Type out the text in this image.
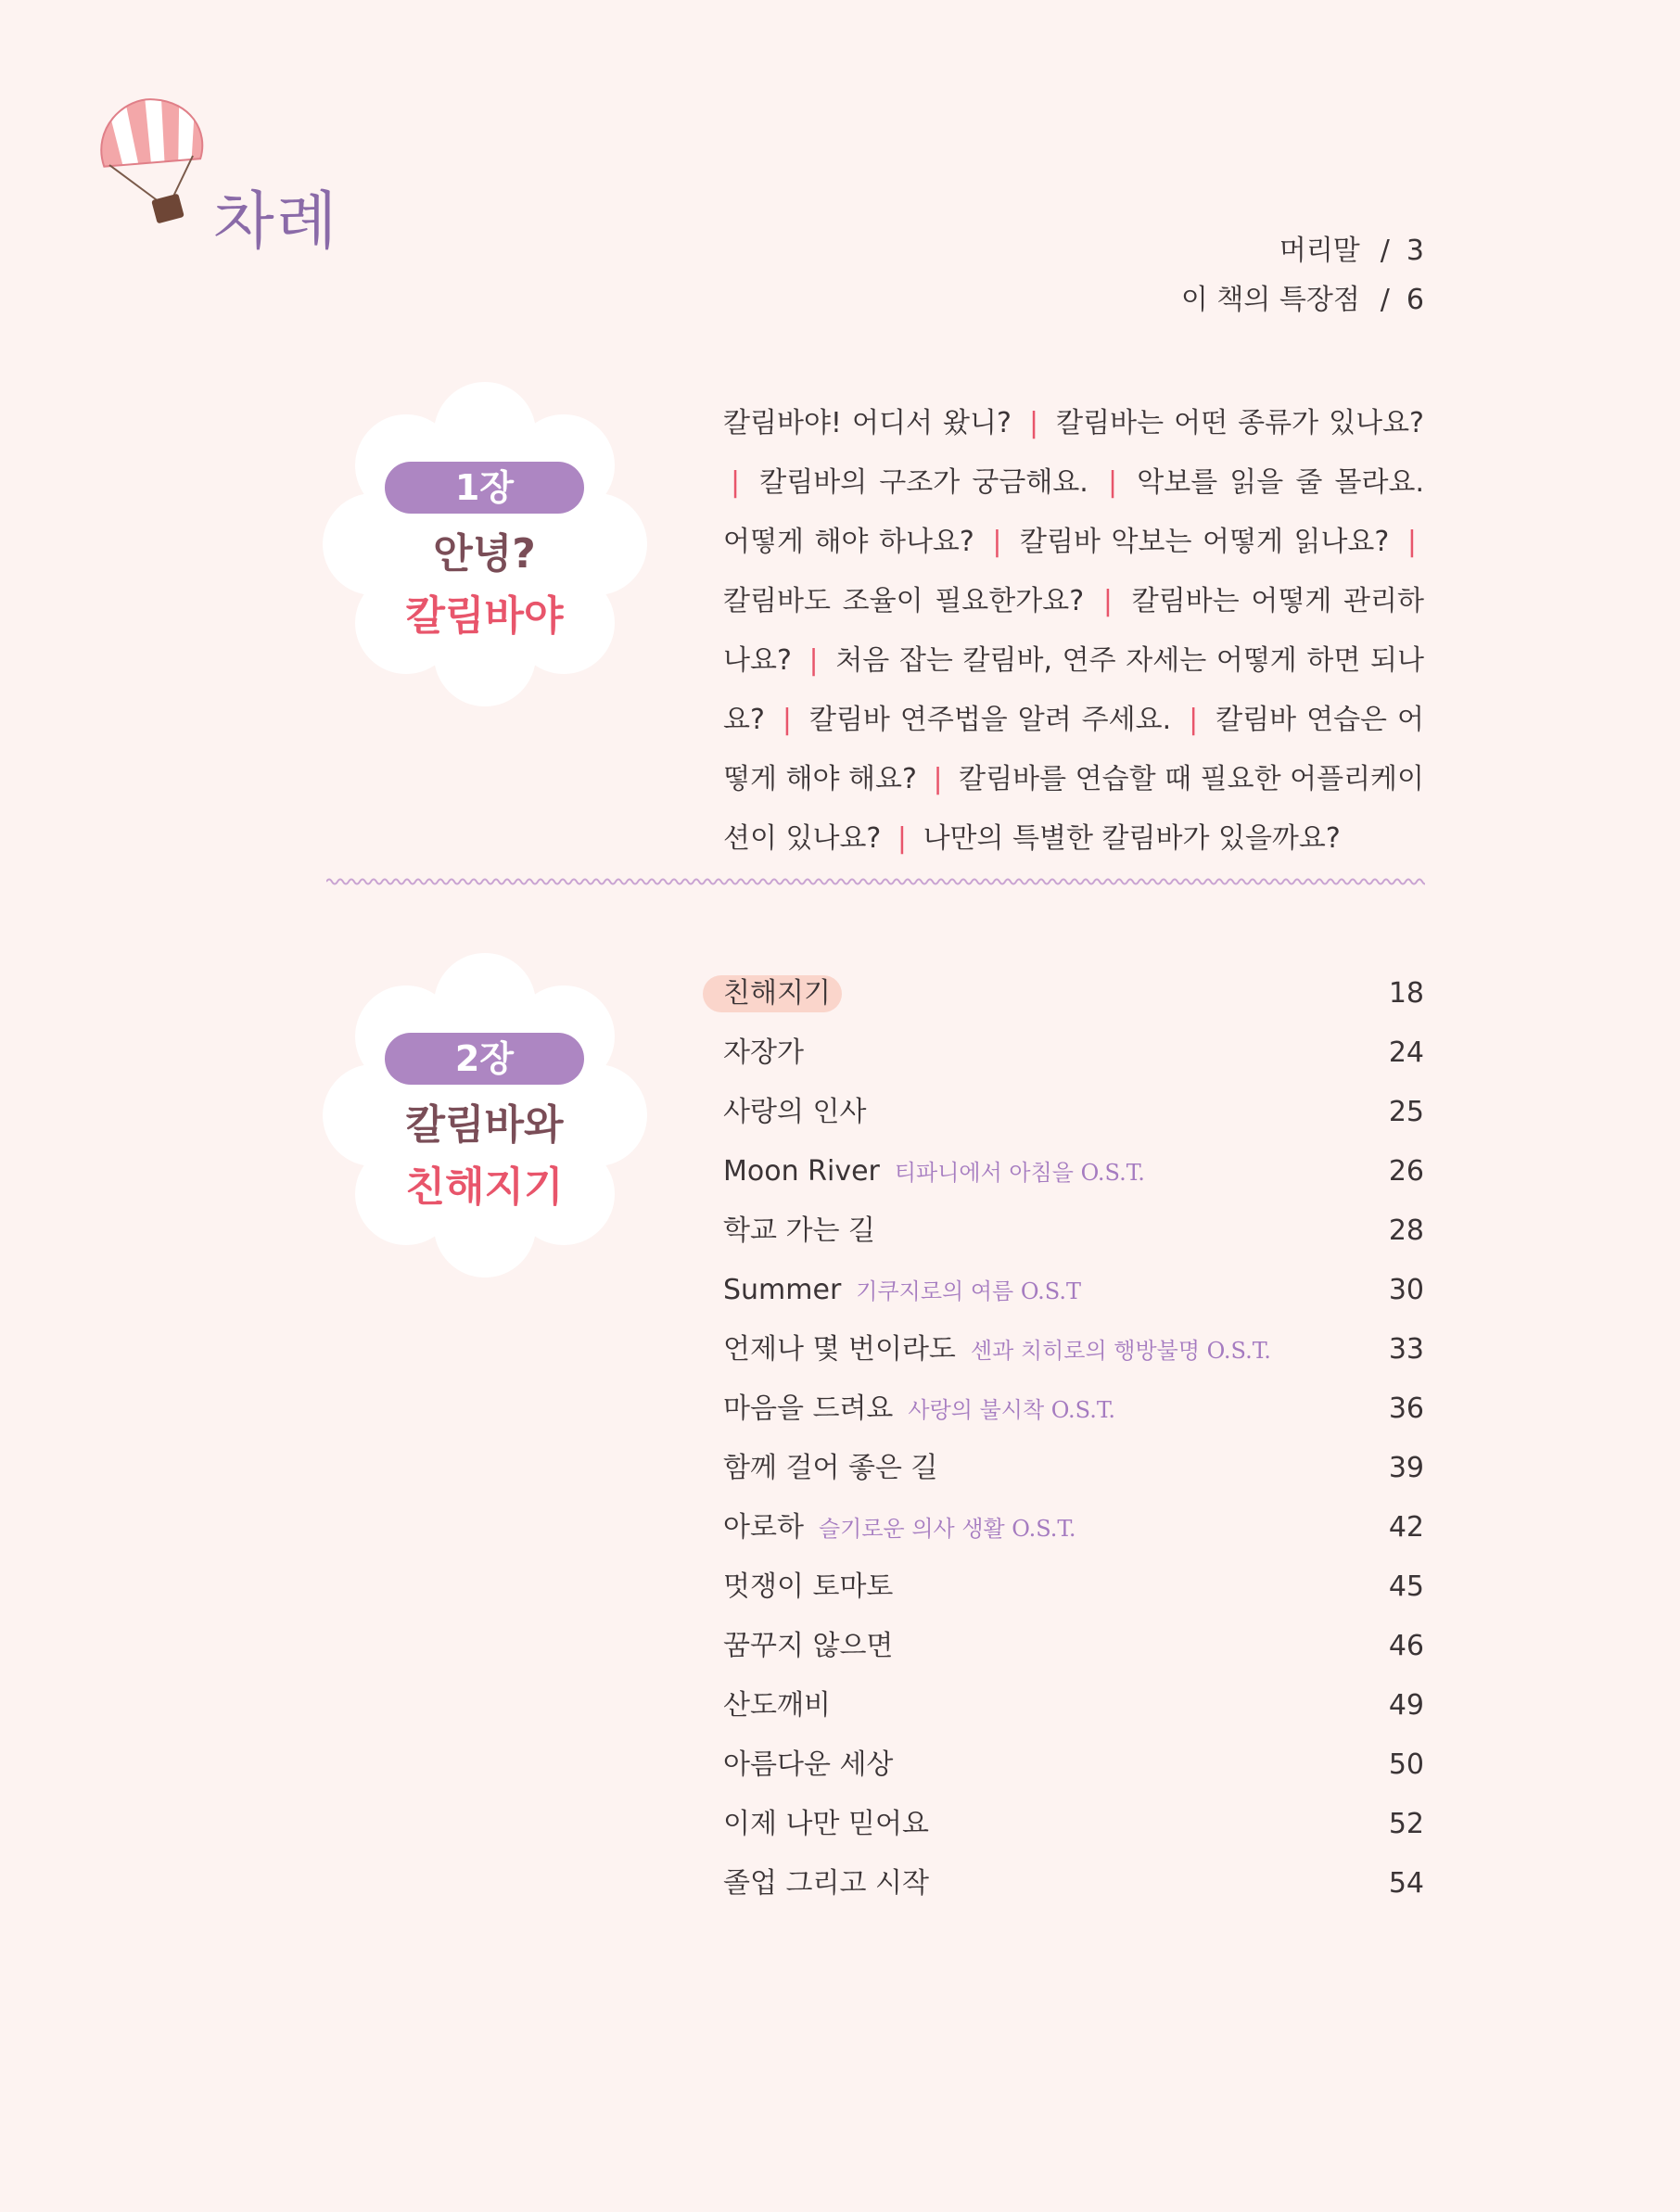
차례	머리말 / 3
이 책의 특장점 / 6
1장
안녕?
칼림바야
칼림바야! 어디서 왔니? | 칼림바는 어떤 종류가 있나요? | 칼림바의 구조가 궁금해요. | 악보를 읽을 줄 몰라요. 어떻게 해야 하나요? | 칼림바 악보는 어떻게 읽나요? | 칼림바도 조율이 필요한가요? | 칼림바는 어떻게 관리하나요? | 처음 잡는 칼림바, 연주 자세는 어떻게 하면 되나요? | 칼림바 연주법을 알려 주세요. | 칼림바 연습은 어떻게 해야 해요? | 칼림바를 연습할 때 필요한 어플리케이션이 있나요? | 나만의 특별한 칼림바가 있을까요?
2장
칼림바와
친해지기
친해지기	18
자장가	24
사랑의 인사	25
Moon River 티파니에서 아침을 O.S.T.	26
학교 가는 길	28
Summer 기쿠지로의 여름 O.S.T	30
언제나 몇 번이라도 센과 치히로의 행방불명 O.S.T.	33
마음을 드려요 사랑의 불시착 O.S.T.	36
함께 걸어 좋은 길	39
아로하 슬기로운 의사 생활 O.S.T.	42
멋쟁이 토마토	45
꿈꾸지 않으면	46
산도깨비	49
아름다운 세상	50
이제 나만 믿어요	52
졸업 그리고 시작	54
